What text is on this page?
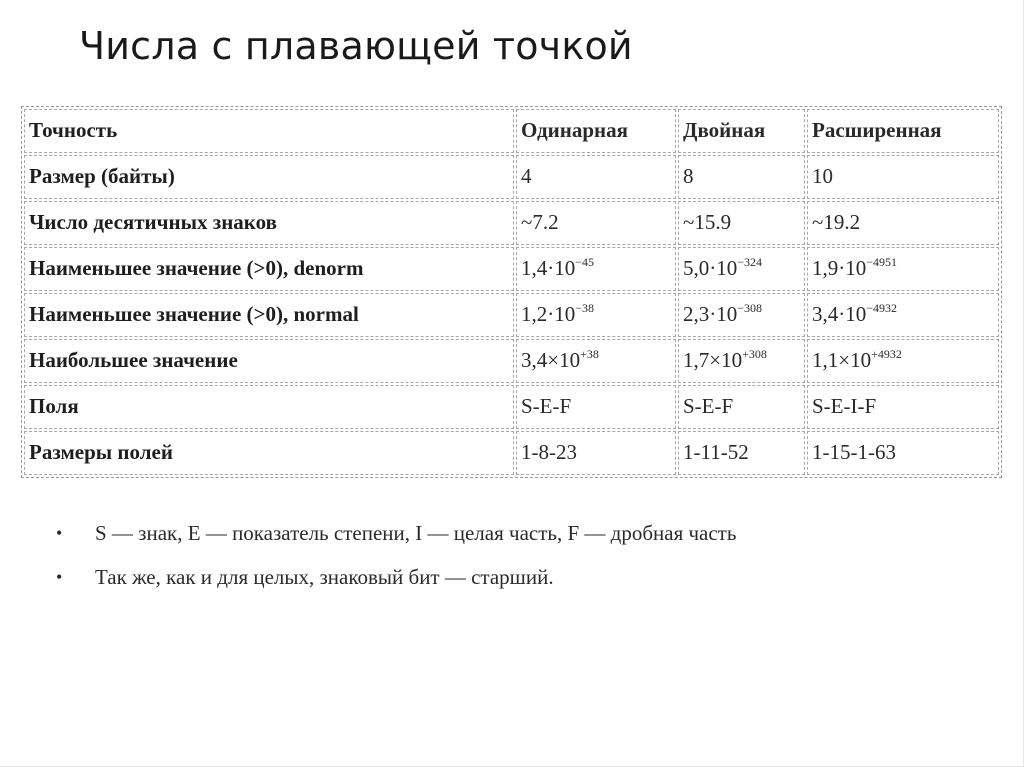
Числа с плавающей точкой
Точность	Одинарная	Двойная	Расширенная
Размер (байты)	4	8	10
Число десятичных знаков	~7.2	~15.9	~19.2
Наименьшее значение (>0), denorm	$1,4\cdot 10^{-45}$	$5,0\cdot 10^{-324}$	$1,9\cdot 10^{-4951}$
Наименьшее значение (>0), normal	$1,2\cdot 10^{-38}$	$2,3\cdot 10^{-308}$	$3,4\cdot 10^{-4932}$
Наибольшее значение	$3,4\times 10^{+38}$	$1,7\times 10^{+308}$	$1,1\times 10^{+4932}$
Поля	S-E-F	S-E-F	S-E-I-F
Размеры полей	1-8-23	1-11-52	1-15-1-63
• S — знак, E — показатель степени, I — целая часть, F — дробная часть
• Так же, как и для целых, знаковый бит — старший.
